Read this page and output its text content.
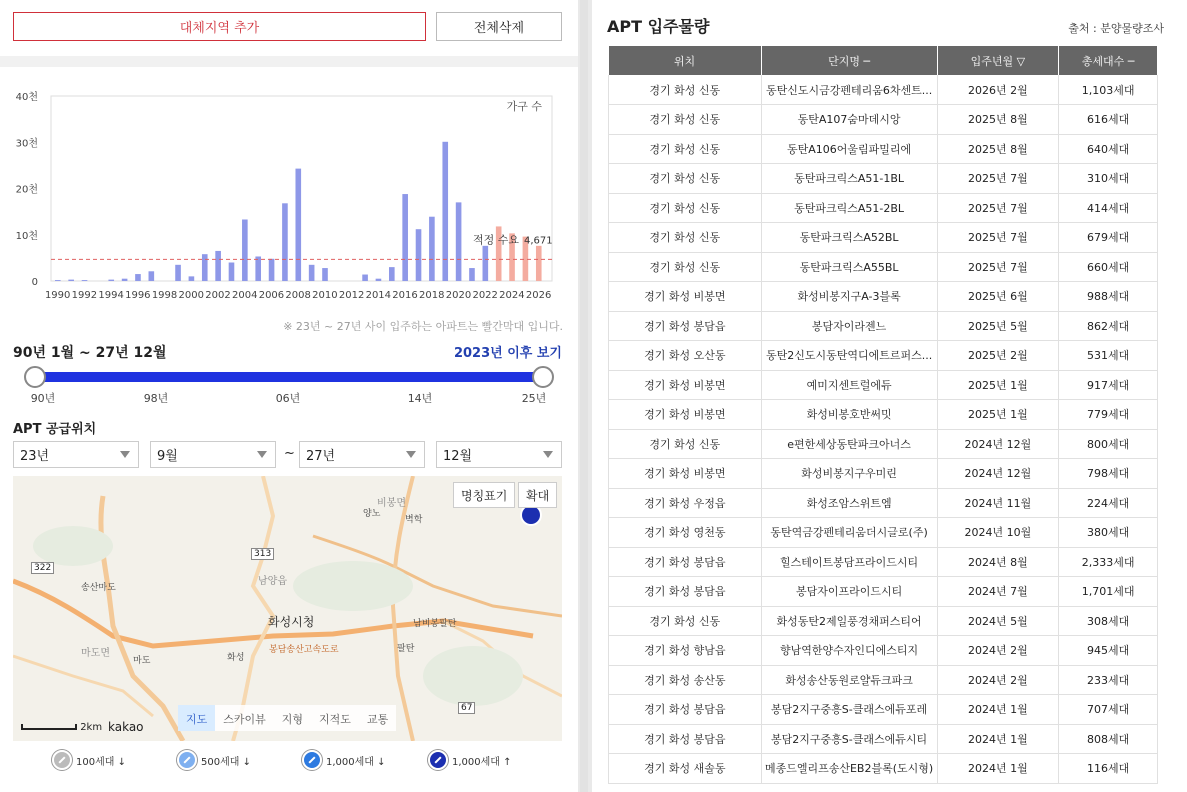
대체지역 추가	전체삭제
0
10천
20천
30천
40천
1990 1992 1994 1996 1998 2000 2002 2004 2006 2008 2010 2012 2014 2016 2018 2020 2022 2024 2026
적정 수요 4,671
가구 수
※ 23년 ~ 27년 사이 입주하는 아파트는 빨간막대 입니다.
90년 1월 ~ 27년 12월	2023년 이후 보기
90년	98년	06년	14년	25년
APT 공급위치
23년	9월	~ 27년	12월
화성시청
남양읍
송산마도
마도면
마도
봉담송산고속도로	팔탄
남비봉팔탄
비봉면
양노
벽학
313
322
67
화성
명칭표기	확대
지도	스카이뷰	지형	지적도	교통
2km kakao
100세대 ↓	500세대 ↓	1,000세대 ↓	1,000세대 ↑
APT 입주물량	출처 : 분양물량조사
위치	단지명 ─	입주년월 ▽	총세대수 ─
경기 화성 신동	동탄신도시금강펜테리움6차센트...	2026년 2월	1,103세대
경기 화성 신동	동탄A107숨마데시앙	2025년 8월	616세대
경기 화성 신동	동탄A106어울림파밀리에	2025년 8월	640세대
경기 화성 신동	동탄파크릭스A51-1BL	2025년 7월	310세대
경기 화성 신동	동탄파크릭스A51-2BL	2025년 7월	414세대
경기 화성 신동	동탄파크릭스A52BL	2025년 7월	679세대
경기 화성 신동	동탄파크릭스A55BL	2025년 7월	660세대
경기 화성 비봉면	화성비봉지구A-3블록	2025년 6월	988세대
경기 화성 봉담읍	봉담자이라젠느	2025년 5월	862세대
경기 화성 오산동	동탄2신도시동탄역디에트르퍼스...	2025년 2월	531세대
경기 화성 비봉면	예미지센트럴에듀	2025년 1월	917세대
경기 화성 비봉면	화성비봉호반써밋	2025년 1월	779세대
경기 화성 신동	e편한세상동탄파크아너스	2024년 12월	800세대
경기 화성 비봉면	화성비봉지구우미린	2024년 12월	798세대
경기 화성 우정읍	화성조암스위트엠	2024년 11월	224세대
경기 화성 영천동	동탄역금강펜테리움더시글로(주)	2024년 10월	380세대
경기 화성 봉담읍	힐스테이트봉담프라이드시티	2024년 8월	2,333세대
경기 화성 봉담읍	봉담자이프라이드시티	2024년 7월	1,701세대
경기 화성 신동	화성동탄2제일풍경채퍼스티어	2024년 5월	308세대
경기 화성 향남읍	향남역한양수자인디에스티지	2024년 2월	945세대
경기 화성 송산동	화성송산동원로얄듀크파크	2024년 2월	233세대
경기 화성 봉담읍	봉담2지구중흥S-클래스에듀포레	2024년 1월	707세대
경기 화성 봉담읍	봉담2지구중흥S-클래스에듀시티	2024년 1월	808세대
경기 화성 새솔동	메종드엘리프송산EB2블록(도시형)	2024년 1월	116세대
